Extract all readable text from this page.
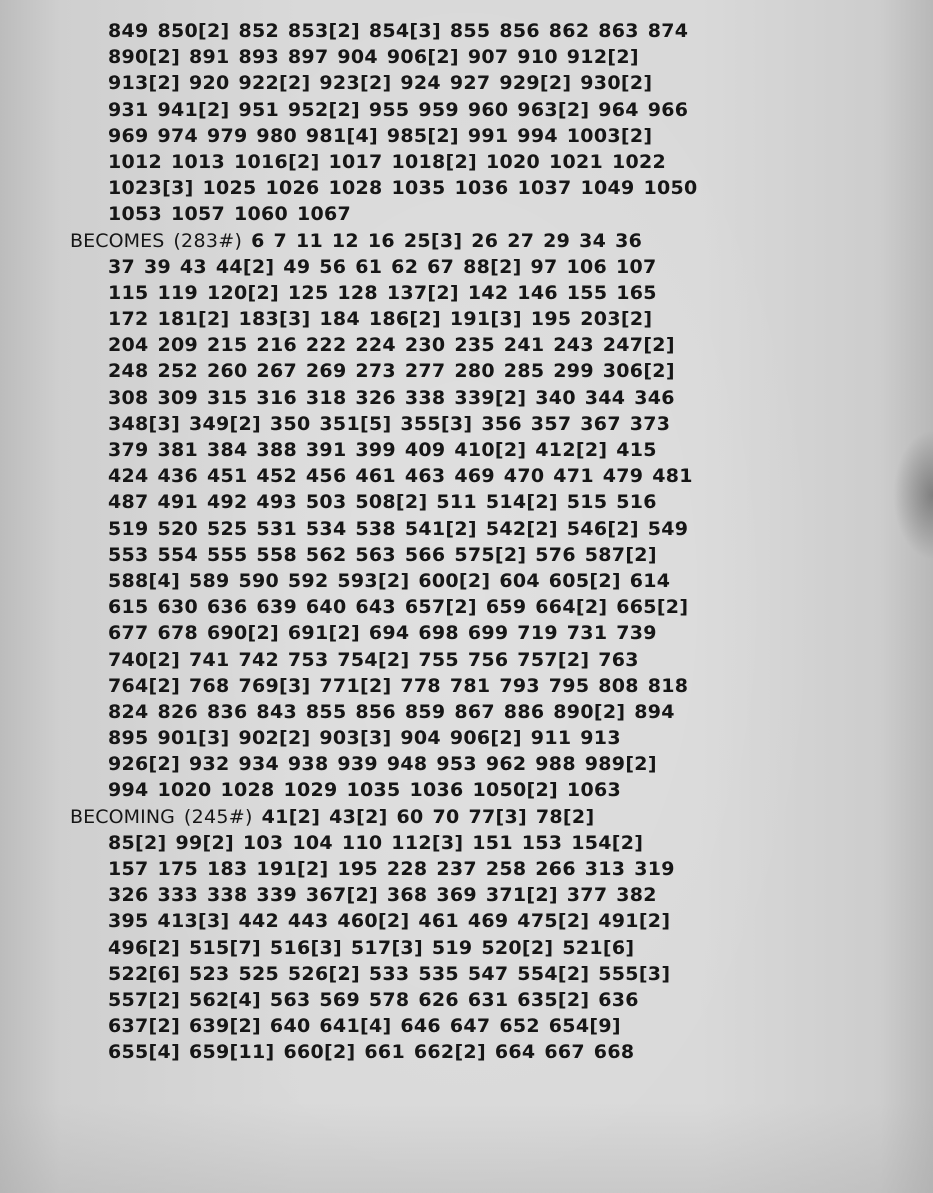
849 850[2] 852 853[2] 854[3] 855 856 862 863 874
890[2] 891 893 897 904 906[2] 907 910 912[2]
913[2] 920 922[2] 923[2] 924 927 929[2] 930[2]
931 941[2] 951 952[2] 955 959 960 963[2] 964 966
969 974 979 980 981[4] 985[2] 991 994 1003[2]
1012 1013 1016[2] 1017 1018[2] 1020 1021 1022
1023[3] 1025 1026 1028 1035 1036 1037 1049 1050
1053 1057 1060 1067
BECOMES (283#) 6 7 11 12 16 25[3] 26 27 29 34 36
37 39 43 44[2] 49 56 61 62 67 88[2] 97 106 107
115 119 120[2] 125 128 137[2] 142 146 155 165
172 181[2] 183[3] 184 186[2] 191[3] 195 203[2]
204 209 215 216 222 224 230 235 241 243 247[2]
248 252 260 267 269 273 277 280 285 299 306[2]
308 309 315 316 318 326 338 339[2] 340 344 346
348[3] 349[2] 350 351[5] 355[3] 356 357 367 373
379 381 384 388 391 399 409 410[2] 412[2] 415
424 436 451 452 456 461 463 469 470 471 479 481
487 491 492 493 503 508[2] 511 514[2] 515 516
519 520 525 531 534 538 541[2] 542[2] 546[2] 549
553 554 555 558 562 563 566 575[2] 576 587[2]
588[4] 589 590 592 593[2] 600[2] 604 605[2] 614
615 630 636 639 640 643 657[2] 659 664[2] 665[2]
677 678 690[2] 691[2] 694 698 699 719 731 739
740[2] 741 742 753 754[2] 755 756 757[2] 763
764[2] 768 769[3] 771[2] 778 781 793 795 808 818
824 826 836 843 855 856 859 867 886 890[2] 894
895 901[3] 902[2] 903[3] 904 906[2] 911 913
926[2] 932 934 938 939 948 953 962 988 989[2]
994 1020 1028 1029 1035 1036 1050[2] 1063
BECOMING (245#) 41[2] 43[2] 60 70 77[3] 78[2]
85[2] 99[2] 103 104 110 112[3] 151 153 154[2]
157 175 183 191[2] 195 228 237 258 266 313 319
326 333 338 339 367[2] 368 369 371[2] 377 382
395 413[3] 442 443 460[2] 461 469 475[2] 491[2]
496[2] 515[7] 516[3] 517[3] 519 520[2] 521[6]
522[6] 523 525 526[2] 533 535 547 554[2] 555[3]
557[2] 562[4] 563 569 578 626 631 635[2] 636
637[2] 639[2] 640 641[4] 646 647 652 654[9]
655[4] 659[11] 660[2] 661 662[2] 664 667 668
